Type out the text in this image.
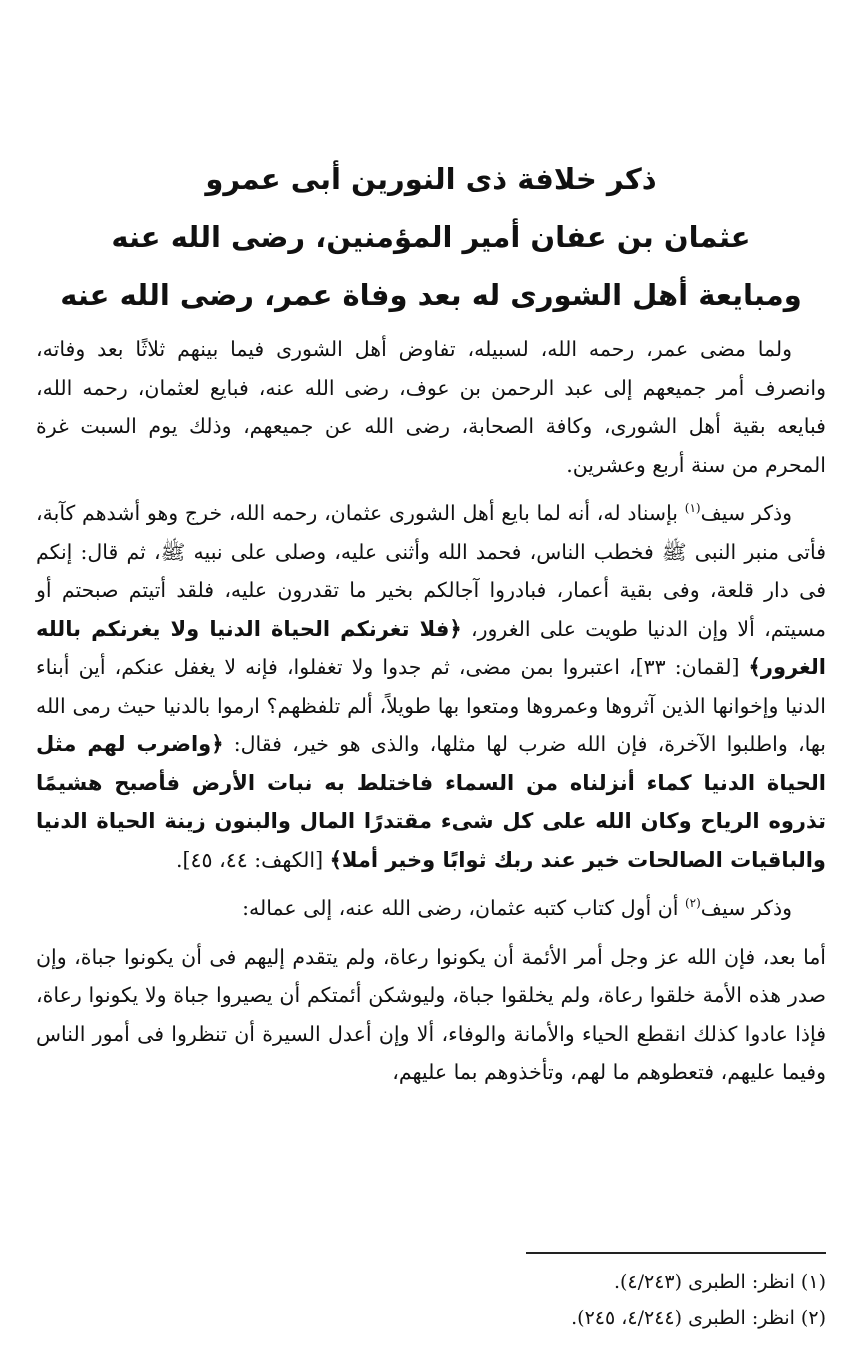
ذكر خلافة ذى النورين أبى عمرو
عثمان بن عفان أمير المؤمنين، رضى الله عنه
ومبايعة أهل الشورى له بعد وفاة عمر، رضى الله عنه

ولما مضى عمر، رحمه الله، لسبيله، تفاوض أهل الشورى فيما بينهم ثلاثًا بعد وفاته، وانصرف أمر جميعهم إلى عبد الرحمن بن عوف، رضى الله عنه، فبايع لعثمان، رحمه الله، فبايعه بقية أهل الشورى، وكافة الصحابة، رضى الله عن جميعهم، وذلك يوم السبت غرة المحرم من سنة أربع وعشرين.

وذكر سيف$^{(١)}$ بإسناد له، أنه لما بايع أهل الشورى عثمان، رحمه الله، خرج وهو أشدهم كآبة، فأتى منبر النبى ﷺ فخطب الناس، فحمد الله وأثنى عليه، وصلى على نبيه ﷺ، ثم قال: إنكم فى دار قلعة، وفى بقية أعمار، فبادروا آجالكم بخير ما تقدرون عليه، فلقد أتيتم صبحتم أو مسيتم، ألا وإن الدنيا طويت على الغرور، ﴿فلا تغرنكم الحياة الدنيا ولا يغرنكم بالله الغرور﴾ [لقمان: ٣٣]، اعتبروا بمن مضى، ثم جدوا ولا تغفلوا، فإنه لا يغفل عنكم، أين أبناء الدنيا وإخوانها الذين آثروها وعمروها ومتعوا بها طويلاً، ألم تلفظهم؟ ارموا بالدنيا حيث رمى الله بها، واطلبوا الآخرة، فإن الله ضرب لها مثلها، والذى هو خير، فقال: ﴿واضرب لهم مثل الحياة الدنيا كماء أنزلناه من السماء فاختلط به نبات الأرض فأصبح هشيمًا تذروه الرياح وكان الله على كل شىء مقتدرًا المال والبنون زينة الحياة الدنيا والباقيات الصالحات خير عند ربك ثوابًا وخير أملا﴾ [الكهف: ٤٤، ٤٥].

وذكر سيف$^{(٢)}$ أن أول كتاب كتبه عثمان، رضى الله عنه، إلى عماله:

أما بعد، فإن الله عز وجل أمر الأئمة أن يكونوا رعاة، ولم يتقدم إليهم فى أن يكونوا جباة، وإن صدر هذه الأمة خلقوا رعاة، ولم يخلقوا جباة، وليوشكن أئمتكم أن يصيروا جباة ولا يكونوا رعاة، فإذا عادوا كذلك انقطع الحياء والأمانة والوفاء، ألا وإن أعدل السيرة أن تنظروا فى أمور الناس وفيما عليهم، فتعطوهم ما لهم، وتأخذوهم بما عليهم،

(١) انظر: الطبرى (٤/٢٤٣).
(٢) انظر: الطبرى (٤/٢٤٤، ٢٤٥).
